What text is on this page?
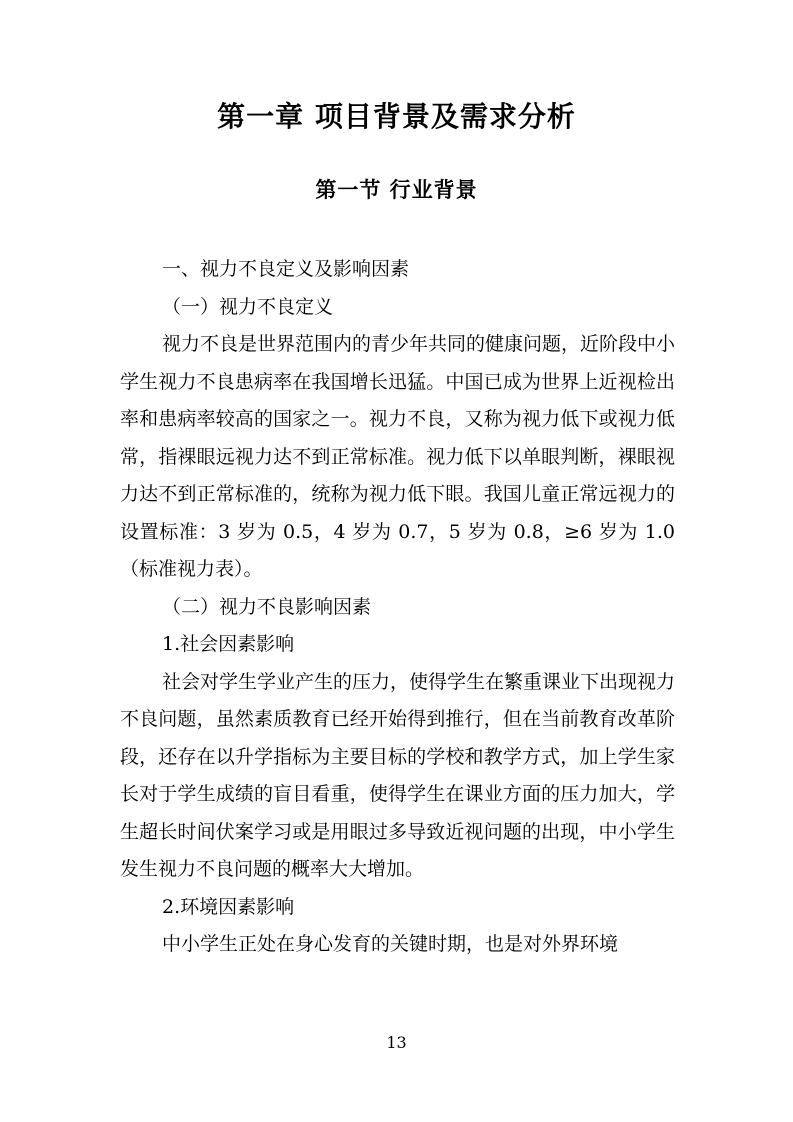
第一章 项目背景及需求分析
第一节 行业背景

一、视力不良定义及影响因素

（一）视力不良定义

视力不良是世界范围内的青少年共同的健康问题，近阶段中小学生视力不良患病率在我国增长迅猛。中国已成为世界上近视检出率和患病率较高的国家之一。视力不良，又称为视力低下或视力低常，指裸眼远视力达不到正常标准。视力低下以单眼判断，裸眼视力达不到正常标准的，统称为视力低下眼。我国儿童正常远视力的设置标准：3 岁为 0.5，4 岁为 0.7，5 岁为 0.8，≥6 岁为 1.0（标准视力表）。

（二）视力不良影响因素

1.社会因素影响

社会对学生学业产生的压力，使得学生在繁重课业下出现视力不良问题，虽然素质教育已经开始得到推行，但在当前教育改革阶段，还存在以升学指标为主要目标的学校和教学方式，加上学生家长对于学生成绩的盲目看重，使得学生在课业方面的压力加大，学生超长时间伏案学习或是用眼过多导致近视问题的出现，中小学生发生视力不良问题的概率大大增加。

2.环境因素影响

中小学生正处在身心发育的关键时期，也是对外界环境

13
